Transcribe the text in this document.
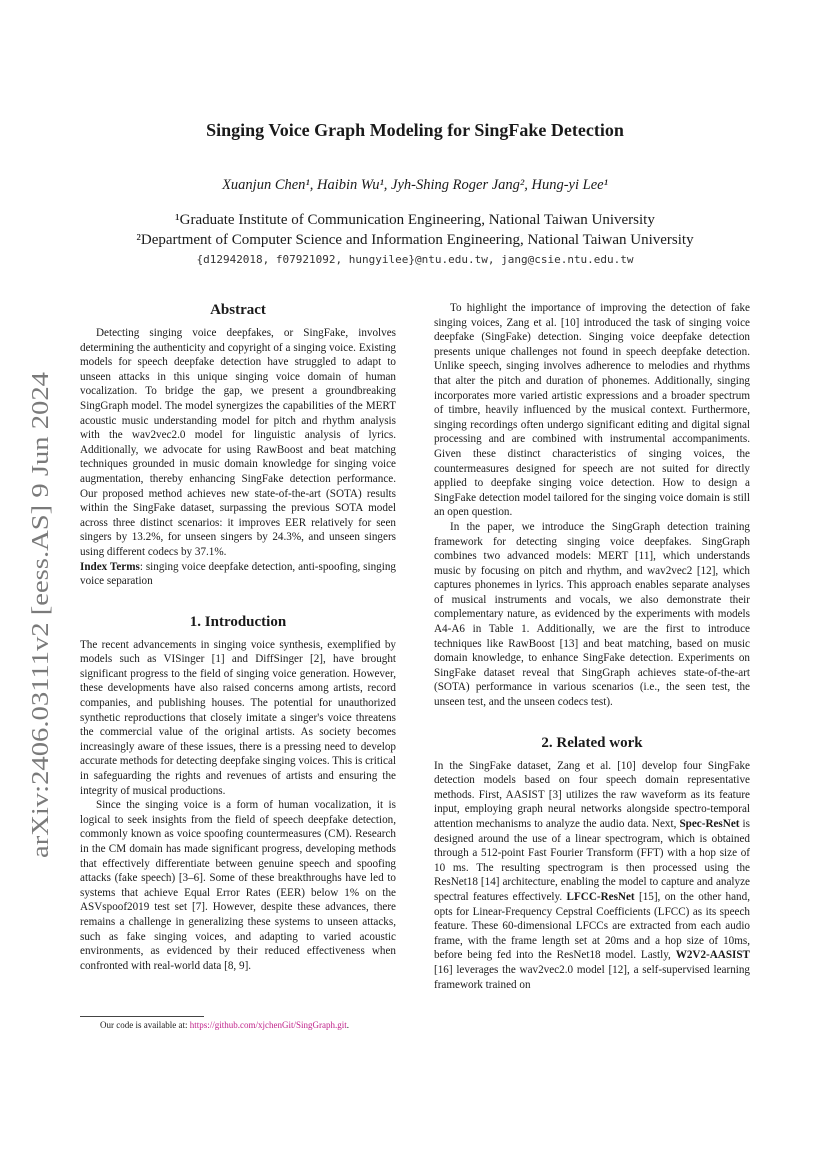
arXiv:2406.03111v2 [eess.AS] 9 Jun 2024
Singing Voice Graph Modeling for SingFake Detection
Xuanjun Chen¹, Haibin Wu¹, Jyh-Shing Roger Jang², Hung-yi Lee¹
¹Graduate Institute of Communication Engineering, National Taiwan University
²Department of Computer Science and Information Engineering, National Taiwan University
{d12942018, f07921092, hungyilee}@ntu.edu.tw, jang@csie.ntu.edu.tw
Abstract

Detecting singing voice deepfakes, or SingFake, involves determining the authenticity and copyright of a singing voice. Existing models for speech deepfake detection have struggled to adapt to unseen attacks in this unique singing voice domain of human vocalization. To bridge the gap, we present a groundbreaking SingGraph model. The model synergizes the capabilities of the MERT acoustic music understanding model for pitch and rhythm analysis with the wav2vec2.0 model for linguistic analysis of lyrics. Additionally, we advocate for using RawBoost and beat matching techniques grounded in music domain knowledge for singing voice augmentation, thereby enhancing SingFake detection performance. Our proposed method achieves new state-of-the-art (SOTA) results within the SingFake dataset, surpassing the previous SOTA model across three distinct scenarios: it improves EER relatively for seen singers by 13.2%, for unseen singers by 24.3%, and unseen singers using different codecs by 37.1%.

Index Terms: singing voice deepfake detection, anti-spoofing, singing voice separation

1. Introduction

The recent advancements in singing voice synthesis, exemplified by models such as VISinger [1] and DiffSinger [2], have brought significant progress to the field of singing voice generation. However, these developments have also raised concerns among artists, record companies, and publishing houses. The potential for unauthorized synthetic reproductions that closely imitate a singer's voice threatens the commercial value of the original artists. As society becomes increasingly aware of these issues, there is a pressing need to develop accurate methods for detecting deepfake singing voices. This is critical in safeguarding the rights and revenues of artists and ensuring the integrity of musical productions.

Since the singing voice is a form of human vocalization, it is logical to seek insights from the field of speech deepfake detection, commonly known as voice spoofing countermeasures (CM). Research in the CM domain has made significant progress, developing methods that effectively differentiate between genuine speech and spoofing attacks (fake speech) [3–6]. Some of these breakthroughs have led to systems that achieve Equal Error Rates (EER) below 1% on the ASVspoof2019 test set [7]. However, despite these advances, there remains a challenge in generalizing these systems to unseen attacks, such as fake singing voices, and adapting to varied acoustic environments, as evidenced by their reduced effectiveness when confronted with real-world data [8, 9].

To highlight the importance of improving the detection of fake singing voices, Zang et al. [10] introduced the task of singing voice deepfake (SingFake) detection. Singing voice deepfake detection presents unique challenges not found in speech deepfake detection. Unlike speech, singing involves adherence to melodies and rhythms that alter the pitch and duration of phonemes. Additionally, singing incorporates more varied artistic expressions and a broader spectrum of timbre, heavily influenced by the musical context. Furthermore, singing recordings often undergo significant editing and digital signal processing and are combined with instrumental accompaniments. Given these distinct characteristics of singing voices, the countermeasures designed for speech are not suited for directly applied to deepfake singing voice detection. How to design a SingFake detection model tailored for the singing voice domain is still an open question.

In the paper, we introduce the SingGraph detection training framework for detecting singing voice deepfakes. SingGraph combines two advanced models: MERT [11], which understands music by focusing on pitch and rhythm, and wav2vec2 [12], which captures phonemes in lyrics. This approach enables separate analyses of musical instruments and vocals, we also demonstrate their complementary nature, as evidenced by the experiments with models A4-A6 in Table 1. Additionally, we are the first to introduce techniques like RawBoost [13] and beat matching, based on music domain knowledge, to enhance SingFake detection. Experiments on SingFake dataset reveal that SingGraph achieves state-of-the-art (SOTA) performance in various scenarios (i.e., the seen test, the unseen test, and the unseen codecs test).

2. Related work

In the SingFake dataset, Zang et al. [10] develop four SingFake detection models based on four speech domain representative methods. First, AASIST [3] utilizes the raw waveform as its feature input, employing graph neural networks alongside spectro-temporal attention mechanisms to analyze the audio data. Next, Spec-ResNet is designed around the use of a linear spectrogram, which is obtained through a 512-point Fast Fourier Transform (FFT) with a hop size of 10 ms. The resulting spectrogram is then processed using the ResNet18 [14] architecture, enabling the model to capture and analyze spectral features effectively. LFCC-ResNet [15], on the other hand, opts for Linear-Frequency Cepstral Coefficients (LFCC) as its speech feature. These 60-dimensional LFCCs are extracted from each audio frame, with the frame length set at 20ms and a hop size of 10ms, before being fed into the ResNet18 model. Lastly, W2V2-AASIST [16] leverages the wav2vec2.0 model [12], a self-supervised learning framework trained on

Our code is available at: https://github.com/xjchenGit/SingGraph.git.
